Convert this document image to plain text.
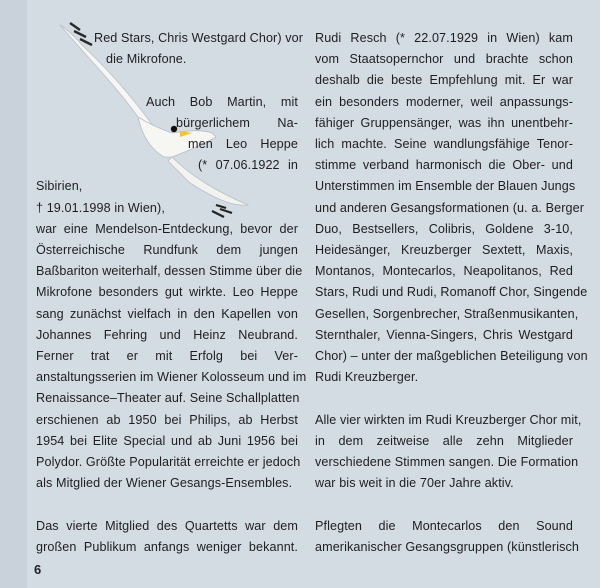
Red Stars, Chris Westgard Chor) vor
die Mikrofone.

Auch Bob Martin, mit
bürgerlichem Na-
men Leo Heppe
(* 07.06.1922 in
Sibirien,
† 19.01.1998 in Wien),
war eine Mendelson-Entdeckung, bevor der
Österreichische Rundfunk dem jungen
Baßbariton weiterhalf, dessen Stimme über die
Mikrofone besonders gut wirkte. Leo Heppe
sang zunächst vielfach in den Kapellen von
Johannes Fehring und Heinz Neubrand.
Ferner trat er mit Erfolg bei Ver-
anstaltungsserien im Wiener Kolosseum und im
Renaissance–Theater auf. Seine Schallplatten
erschienen ab 1950 bei Philips, ab Herbst
1954 bei Elite Special und ab Juni 1956 bei
Polydor. Größte Popularität erreichte er jedoch
als Mitglied der Wiener Gesangs-Ensembles.

Das vierte Mitglied des Quartetts war dem
großen Publikum anfangs weniger bekannt.

Rudi Resch (* 22.07.1929 in Wien) kam
vom Staatsopernchor und brachte schon
deshalb die beste Empfehlung mit. Er war
ein besonders moderner, weil anpassungs-
fähiger Gruppensänger, was ihn unentbehr-
lich machte. Seine wandlungsfähige Tenor-
stimme verband harmonisch die Ober- und
Unterstimmen im Ensemble der Blauen Jungs
und anderen Gesangsformationen (u. a. Berger
Duo, Bestsellers, Colibris, Goldene 3-10,
Heidesänger, Kreuzberger Sextett, Maxis,
Montanos, Montecarlos, Neapolitanos, Red
Stars, Rudi und Rudi, Romanoff Chor, Singende
Gesellen, Sorgenbrecher, Straßenmusikanten,
Sternthaler, Vienna-Singers, Chris Westgard
Chor) – unter der maßgeblichen Beteiligung von
Rudi Kreuzberger.

Alle vier wirkten im Rudi Kreuzberger Chor mit,
in dem zeitweise alle zehn Mitglieder
verschiedene Stimmen sangen. Die Formation
war bis weit in die 70er Jahre aktiv.

Pflegten die Montecarlos den Sound
amerikanischer Gesangsgruppen (künstlerisch

6
